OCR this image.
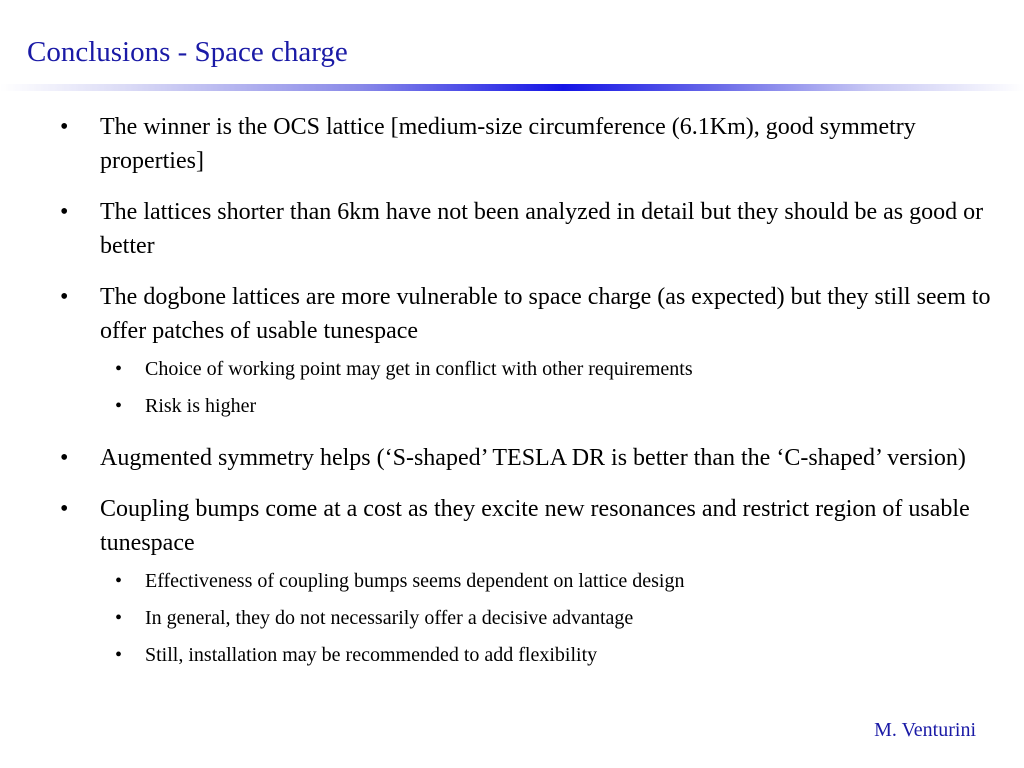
Conclusions - Space charge
• The winner is the OCS lattice [medium-size circumference (6.1Km), good symmetry properties]
• The lattices shorter than 6km have not been analyzed in detail but they should be as good or better
• The dogbone lattices are more vulnerable to space charge (as expected) but they still seem to offer patches of usable tunespace
• Choice of working point may get in conflict with other requirements
• Risk is higher
• Augmented symmetry helps (‘S-shaped’ TESLA DR is better than the ‘C-shaped’ version)
• Coupling bumps come at a cost as they excite new resonances and restrict region of usable tunespace
• Effectiveness of coupling bumps seems dependent on lattice design
• In general, they do not necessarily offer a decisive advantage
• Still, installation may be recommended to add flexibility
M. Venturini
